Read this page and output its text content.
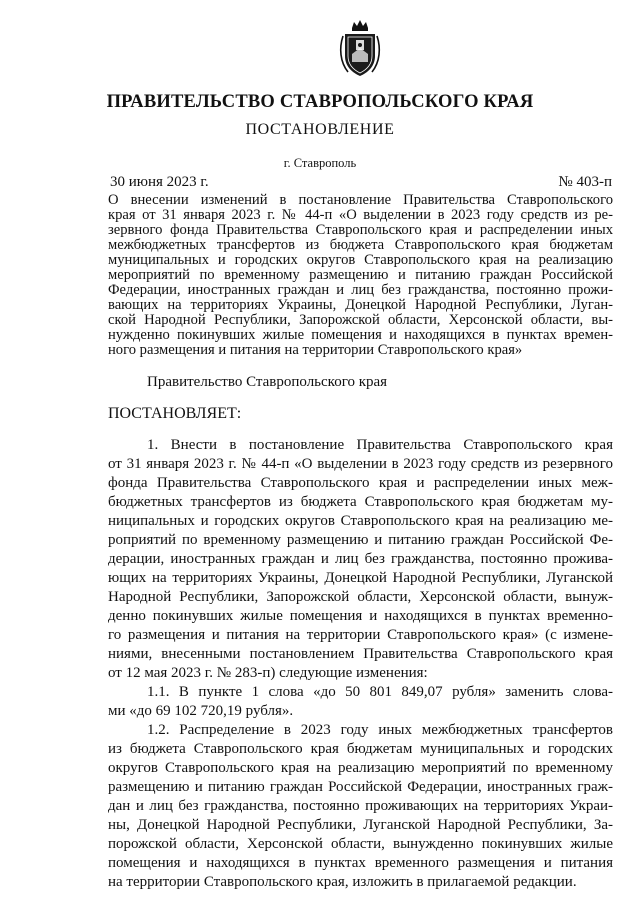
ПРАВИТЕЛЬСТВО СТАВРОПОЛЬСКОГО КРАЯ
ПОСТАНОВЛЕНИЕ
г. Ставрополь
30 июня 2023 г.	№ 403-п
О внесении изменений в постановление Правительства Ставропольского
края от 31 января 2023 г. № 44-п «О выделении в 2023 году средств из ре-
зервного фонда Правительства Ставропольского края и распределении иных
межбюджетных трансфертов из бюджета Ставропольского края бюджетам
муниципальных и городских округов Ставропольского края на реализацию
мероприятий по временному размещению и питанию граждан Российской
Федерации, иностранных граждан и лиц без гражданства, постоянно прожи-
вающих на территориях Украины, Донецкой Народной Республики, Луган-
ской Народной Республики, Запорожской области, Херсонской области, вы-
нужденно покинувших жилые помещения и находящихся в пунктах времен-
ного размещения и питания на территории Ставропольского края»
Правительство Ставропольского края
ПОСТАНОВЛЯЕТ:
1. Внести в постановление Правительства Ставропольского края
от 31 января 2023 г. № 44-п «О выделении в 2023 году средств из резервного
фонда Правительства Ставропольского края и распределении иных меж-
бюджетных трансфертов из бюджета Ставропольского края бюджетам му-
ниципальных и городских округов Ставропольского края на реализацию ме-
роприятий по временному размещению и питанию граждан Российской Фе-
дерации, иностранных граждан и лиц без гражданства, постоянно прожива-
ющих на территориях Украины, Донецкой Народной Республики, Луганской
Народной Республики, Запорожской области, Херсонской области, вынуж-
денно покинувших жилые помещения и находящихся в пунктах временно-
го размещения и питания на территории Ставропольского края» (с измене-
ниями, внесенными постановлением Правительства Ставропольского края
от 12 мая 2023 г. № 283-п) следующие изменения:
1.1. В пункте 1 слова «до 50 801 849,07 рубля» заменить слова-
ми «до 69 102 720,19 рубля».
1.2. Распределение в 2023 году иных межбюджетных трансфертов
из бюджета Ставропольского края бюджетам муниципальных и городских
округов Ставропольского края на реализацию мероприятий по временному
размещению и питанию граждан Российской Федерации, иностранных граж-
дан и лиц без гражданства, постоянно проживающих на территориях Украи-
ны, Донецкой Народной Республики, Луганской Народной Республики, За-
порожской области, Херсонской области, вынужденно покинувших жилые
помещения и находящихся в пунктах временного размещения и питания
на территории Ставропольского края, изложить в прилагаемой редакции.
